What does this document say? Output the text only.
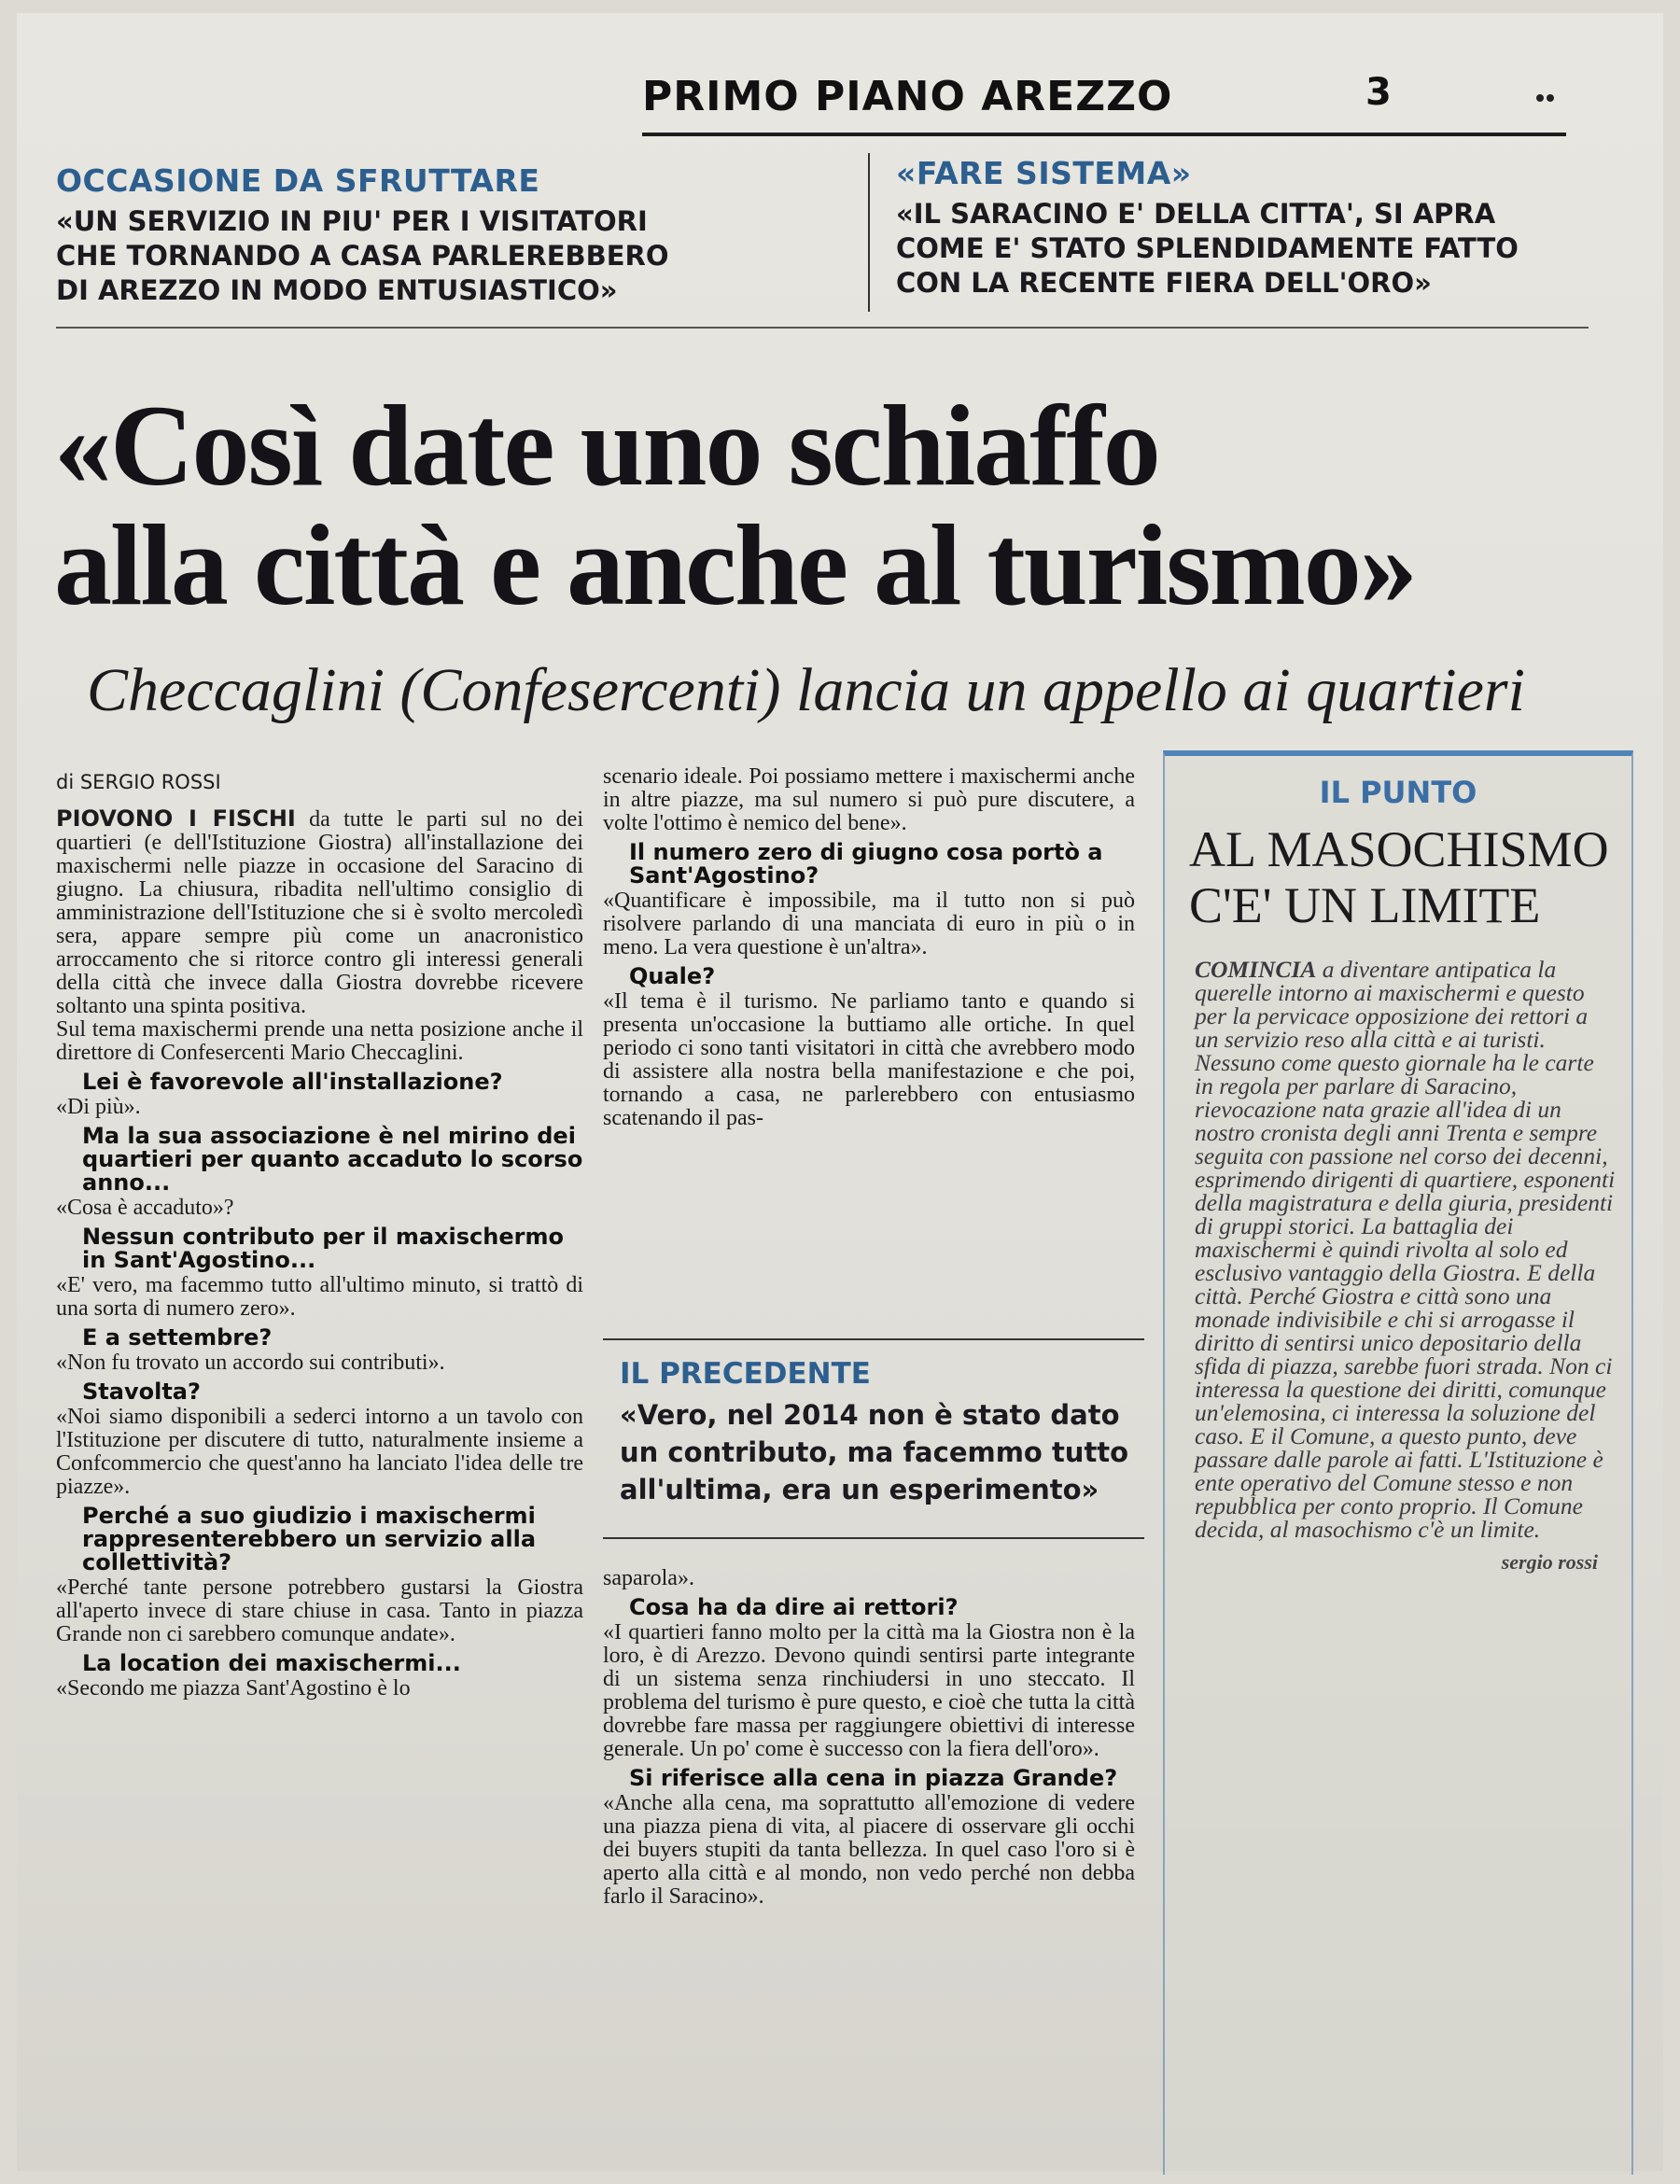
PRIMO PIANO AREZZO	3
OCCASIONE DA SFRUTTARE
«UN SERVIZIO IN PIU' PER I VISITATORI
CHE TORNANDO A CASA PARLEREBBERO
DI AREZZO IN MODO ENTUSIASTICO»
«FARE SISTEMA»
«IL SARACINO E' DELLA CITTA', SI APRA
COME E' STATO SPLENDIDAMENTE FATTO
CON LA RECENTE FIERA DELL'ORO»
«Così date uno schiaffo
alla città e anche al turismo»
Checcaglini (Confesercenti) lancia un appello ai quartieri
di SERGIO ROSSI

PIOVONO I FISCHI da tutte le parti sul no dei quartieri (e dell'Istituzione Giostra) all'installazione dei maxischermi nelle piazze in occasione del Saracino di giugno. La chiusura, ribadita nell'ultimo consiglio di amministrazione dell'Istituzione che si è svolto mercoledì sera, appare sempre più come un anacronistico arroccamento che si ritorce contro gli interessi generali della città che invece dalla Giostra dovrebbe ricevere soltanto una spinta positiva.

Sul tema maxischermi prende una netta posizione anche il direttore di Confesercenti Mario Checcaglini.

Lei è favorevole all'installazione?

«Di più».

Ma la sua associazione è nel mirino dei quartieri per quanto accaduto lo scorso anno...

«Cosa è accaduto»?

Nessun contributo per il maxischermo in Sant'Agostino...

«E' vero, ma facemmo tutto all'ultimo minuto, si trattò di una sorta di numero zero».

E a settembre?

«Non fu trovato un accordo sui contributi».

Stavolta?

«Noi siamo disponibili a sederci intorno a un tavolo con l'Istituzione per discutere di tutto, naturalmente insieme a Confcommercio che quest'anno ha lanciato l'idea delle tre piazze».

Perché a suo giudizio i maxischermi rappresenterebbero un servizio alla collettività?

«Perché tante persone potrebbero gustarsi la Giostra all'aperto invece di stare chiuse in casa. Tanto in piazza Grande non ci sarebbero comunque andate».

La location dei maxischermi...

«Secondo me piazza Sant'Agostino è lo

scenario ideale. Poi possiamo mettere i maxischermi anche in altre piazze, ma sul numero si può pure discutere, a volte l'ottimo è nemico del bene».

Il numero zero di giugno cosa portò a Sant'Agostino?

«Quantificare è impossibile, ma il tutto non si può risolvere parlando di una manciata di euro in più o in meno. La vera questione è un'altra».

Quale?

«Il tema è il turismo. Ne parliamo tanto e quando si presenta un'occasione la buttiamo alle ortiche. In quel periodo ci sono tanti visitatori in città che avrebbero modo di assistere alla nostra bella manifestazione e che poi, tornando a casa, ne parlerebbero con entusiasmo scatenando il pas-

IL PRECEDENTE
«Vero, nel 2014 non è stato dato un contributo, ma facemmo tutto all'ultima, era un esperimento»

saparola».

Cosa ha da dire ai rettori?

«I quartieri fanno molto per la città ma la Giostra non è la loro, è di Arezzo. Devono quindi sentirsi parte integrante di un sistema senza rinchiudersi in uno steccato. Il problema del turismo è pure questo, e cioè che tutta la città dovrebbe fare massa per raggiungere obiettivi di interesse generale. Un po' come è successo con la fiera dell'oro».

Si riferisce alla cena in piazza Grande?

«Anche alla cena, ma soprattutto all'emozione di vedere una piazza piena di vita, al piacere di osservare gli occhi dei buyers stupiti da tanta bellezza. In quel caso l'oro si è aperto alla città e al mondo, non vedo perché non debba farlo il Saracino».

IL PUNTO
AL MASOCHISMO
C'E' UN LIMITE

COMINCIA a diventare antipatica la querelle intorno ai maxischermi e questo per la pervicace opposizione dei rettori a un servizio reso alla città e ai turisti. Nessuno come questo giornale ha le carte in regola per parlare di Saracino, rievocazione nata grazie all'idea di un nostro cronista degli anni Trenta e sempre seguita con passione nel corso dei decenni, esprimendo dirigenti di quartiere, esponenti della magistratura e della giuria, presidenti di gruppi storici. La battaglia dei maxischermi è quindi rivolta al solo ed esclusivo vantaggio della Giostra. E della città. Perché Giostra e città sono una monade indivisibile e chi si arrogasse il diritto di sentirsi unico depositario della sfida di piazza, sarebbe fuori strada. Non ci interessa la questione dei diritti, comunque un'elemosina, ci interessa la soluzione del caso. E il Comune, a questo punto, deve passare dalle parole ai fatti. L'Istituzione è ente operativo del Comune stesso e non repubblica per conto proprio. Il Comune decida, al masochismo c'è un limite.

sergio rossi
